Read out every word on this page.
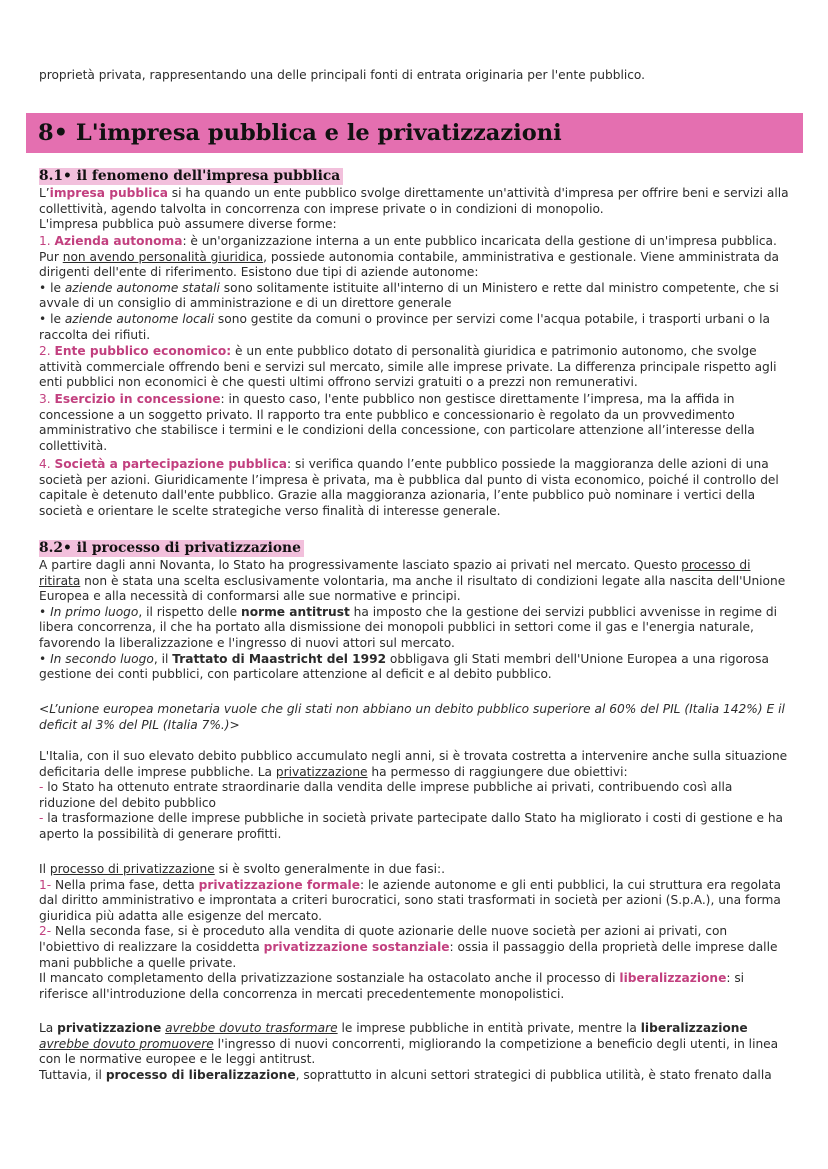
proprietà privata, rappresentando una delle principali fonti di entrata originaria per l'ente pubblico.

8• L'impresa pubblica e le privatizzazioni
8.1• il fenomeno dell'impresa pubblica

L’impresa pubblica si ha quando un ente pubblico svolge direttamente un'attività d'impresa per offrire beni e servizi alla collettività, agendo talvolta in concorrenza con imprese private o in condizioni di monopolio.
L'impresa pubblica può assumere diverse forme:

1. Azienda autonoma: è un'organizzazione interna a un ente pubblico incaricata della gestione di un'impresa pubblica. Pur non avendo personalità giuridica, possiede autonomia contabile, amministrativa e gestionale. Viene amministrata da dirigenti dell'ente di riferimento. Esistono due tipi di aziende autonome:
• le aziende autonome statali sono solitamente istituite all'interno di un Ministero e rette dal ministro competente, che si avvale di un consiglio di amministrazione e di un direttore generale
• le aziende autonome locali sono gestite da comuni o province per servizi come l'acqua potabile, i trasporti urbani o la raccolta dei rifiuti.

2. Ente pubblico economico: è un ente pubblico dotato di personalità giuridica e patrimonio autonomo, che svolge attività commerciale offrendo beni e servizi sul mercato, simile alle imprese private. La differenza principale rispetto agli enti pubblici non economici è che questi ultimi offrono servizi gratuiti o a prezzi non remunerativi.

3. Esercizio in concessione: in questo caso, l'ente pubblico non gestisce direttamente l’impresa, ma la affida in concessione a un soggetto privato. Il rapporto tra ente pubblico e concessionario è regolato da un provvedimento amministrativo che stabilisce i termini e le condizioni della concessione, con particolare attenzione all’interesse della collettività.

4. Società a partecipazione pubblica: si verifica quando l’ente pubblico possiede la maggioranza delle azioni di una società per azioni. Giuridicamente l’impresa è privata, ma è pubblica dal punto di vista economico, poiché il controllo del capitale è detenuto dall'ente pubblico. Grazie alla maggioranza azionaria, l’ente pubblico può nominare i vertici della società e orientare le scelte strategiche verso finalità di interesse generale.

8.2• il processo di privatizzazione

A partire dagli anni Novanta, lo Stato ha progressivamente lasciato spazio ai privati nel mercato. Questo processo di ritirata non è stata una scelta esclusivamente volontaria, ma anche il risultato di condizioni legate alla nascita dell'Unione Europea e alla necessità di conformarsi alle sue normative e principi.
• In primo luogo, il rispetto delle norme antitrust ha imposto che la gestione dei servizi pubblici avvenisse in regime di libera concorrenza, il che ha portato alla dismissione dei monopoli pubblici in settori come il gas e l'energia naturale, favorendo la liberalizzazione e l'ingresso di nuovi attori sul mercato.
• In secondo luogo, il Trattato di Maastricht del 1992 obbligava gli Stati membri dell'Unione Europea a una rigorosa gestione dei conti pubblici, con particolare attenzione al deficit e al debito pubblico.

<L’unione europea monetaria vuole che gli stati non abbiano un debito pubblico superiore al 60% del PIL (Italia 142%) E il deficit al 3% del PIL (Italia 7%.)>

L'Italia, con il suo elevato debito pubblico accumulato negli anni, si è trovata costretta a intervenire anche sulla situazione deficitaria delle imprese pubbliche. La privatizzazione ha permesso di raggiungere due obiettivi:
- lo Stato ha ottenuto entrate straordinarie dalla vendita delle imprese pubbliche ai privati, contribuendo così alla riduzione del debito pubblico
- la trasformazione delle imprese pubbliche in società private partecipate dallo Stato ha migliorato i costi di gestione e ha aperto la possibilità di generare profitti.

Il processo di privatizzazione si è svolto generalmente in due fasi:.
1- Nella prima fase, detta privatizzazione formale: le aziende autonome e gli enti pubblici, la cui struttura era regolata dal diritto amministrativo e improntata a criteri burocratici, sono stati trasformati in società per azioni (S.p.A.), una forma giuridica più adatta alle esigenze del mercato.
2- Nella seconda fase, si è proceduto alla vendita di quote azionarie delle nuove società per azioni ai privati, con l'obiettivo di realizzare la cosiddetta privatizzazione sostanziale: ossia il passaggio della proprietà delle imprese dalle mani pubbliche a quelle private.
Il mancato completamento della privatizzazione sostanziale ha ostacolato anche il processo di liberalizzazione: si riferisce all'introduzione della concorrenza in mercati precedentemente monopolistici.

La privatizzazione avrebbe dovuto trasformare le imprese pubbliche in entità private, mentre la liberalizzazione avrebbe dovuto promuovere l'ingresso di nuovi concorrenti, migliorando la competizione a beneficio degli utenti, in linea con le normative europee e le leggi antitrust.
Tuttavia, il processo di liberalizzazione, soprattutto in alcuni settori strategici di pubblica utilità, è stato frenato dalla
